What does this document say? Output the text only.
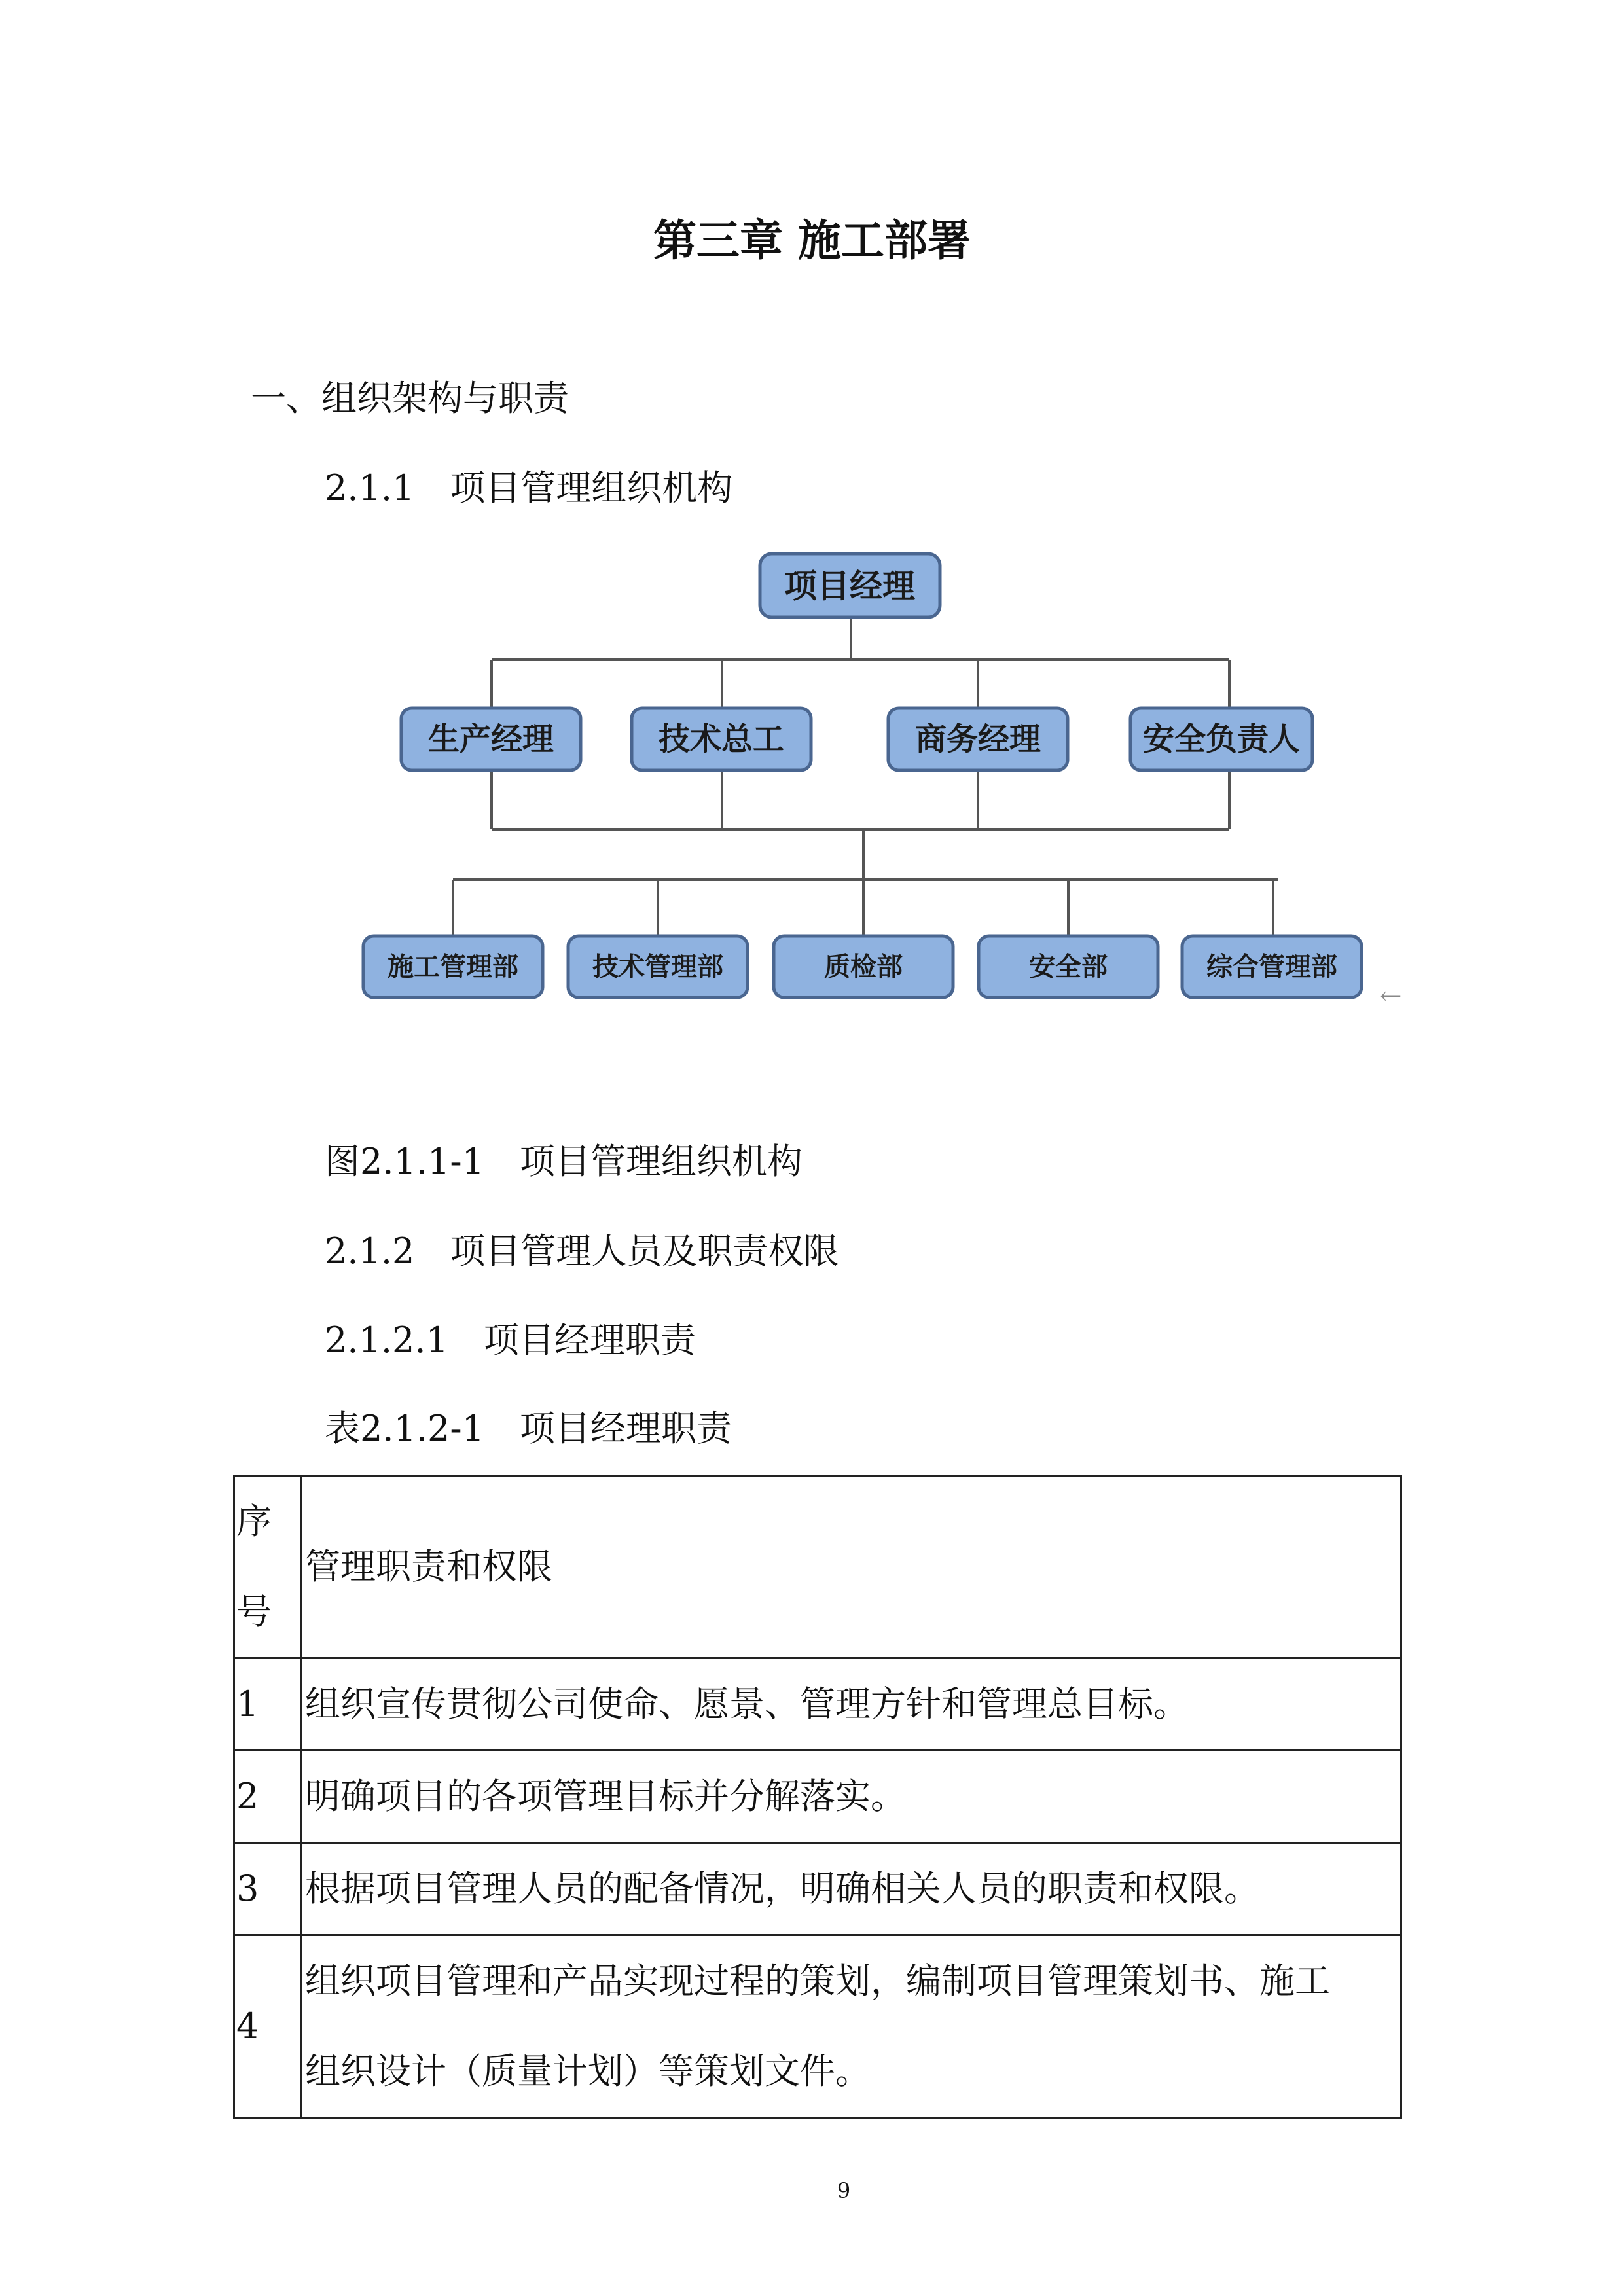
第三章 施工部署
一、组织架构与职责
2.1.1　项目管理组织机构
项目经理
生产经理	技术总工	商务经理	安全负责人
施工管理部	技术管理部	质检部	安全部	综合管理部
←
图2.1.1-1　项目管理组织机构
2.1.2　项目管理人员及职责权限
2.1.2.1　项目经理职责
表2.1.2-1　项目经理职责
序
号	管理职责和权限
1	组织宣传贯彻公司使命、愿景、管理方针和管理总目标。
2	明确项目的各项管理目标并分解落实。
3	根据项目管理人员的配备情况，明确相关人员的职责和权限。
4	组织项目管理和产品实现过程的策划，编制项目管理策划书、施工
组织设计（质量计划）等策划文件。
9
